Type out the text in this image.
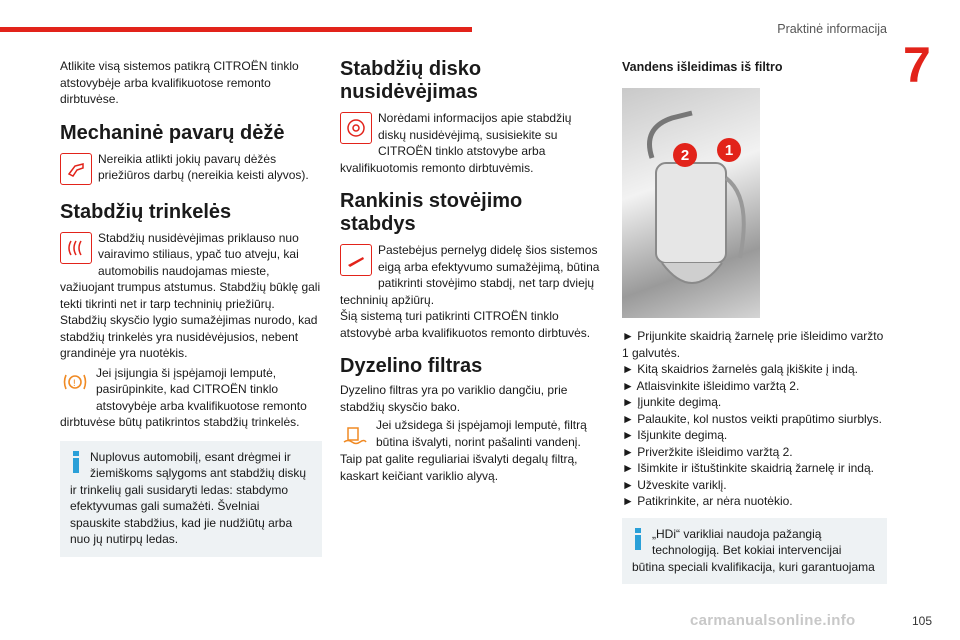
Praktinė informacija
7

Atlikite visą sistemos patikrą CITROËN tinklo atstovybėje arba kvalifikuotose remonto dirbtuvėse.

Mechaninė pavarų dėžė

Nereikia atlikti jokių pavarų dėžės priežiūros darbų (nereikia keisti alyvos).

Stabdžių trinkelės

Stabdžių nusidėvėjimas priklauso nuo vairavimo stiliaus, ypač tuo atveju, kai automobilis naudojamas mieste, važiuojant trumpus atstumus. Stabdžių būklę gali tekti tikrinti net ir tarp techninių priežiūrų.

Stabdžių skysčio lygio sumažėjimas nurodo, kad stabdžių trinkelės yra nusidėvėjusios, nebent grandinėje yra nuotėkis.

!

Jei įsijungia ši įspėjamoji lemputė, pasirūpinkite, kad CITROËN tinklo atstovybėje arba kvalifikuotose remonto dirbtuvėse būtų patikrintos stabdžių trinkelės.

Nuplovus automobilį, esant drėgmei ir žiemiškoms sąlygoms ant stabdžių diskų ir trinkelių gali susidaryti ledas: stabdymo efektyvumas gali sumažėti. Švelniai spauskite stabdžius, kad jie nudžiūtų arba nuo jų nutirpų ledas.

Stabdžių disko nusidėvėjimas

Norėdami informacijos apie stabdžių diskų nusidėvėjimą, susisiekite su CITROËN tinklo atstovybe arba kvalifikuotomis remonto dirbtuvėmis.

Rankinis stovėjimo stabdys

Pastebėjus pernelyg didelę šios sistemos eigą arba efektyvumo sumažėjimą, būtina patikrinti stovėjimo stabdį, net tarp dviejų techninių apžiūrų.

Šią sistemą turi patikrinti CITROËN tinklo atstovybė arba kvalifikuotos remonto dirbtuvės.

Dyzelino filtras

Dyzelino filtras yra po variklio dangčiu, prie stabdžių skysčio bako.

Jei užsidega ši įspėjamoji lemputė, filtrą būtina išvalyti, norint pašalinti vandenį.

Taip pat galite reguliariai išvalyti degalų filtrą, kaskart keičiant variklio alyvą.

Vandens išleidimas iš filtro
2	1

► Prijunkite skaidrią žarnelę prie išleidimo varžto 1 galvutės.

► Kitą skaidrios žarnelės galą įkiškite į indą.

► Atlaisvinkite išleidimo varžtą 2.

► Įjunkite degimą.

► Palaukite, kol nustos veikti prapūtimo siurblys.

► Išjunkite degimą.

► Priveržkite išleidimo varžtą 2.

► Išimkite ir ištuštinkite skaidrią žarnelę ir indą.

► Užveskite variklį.

► Patikrinkite, ar nėra nuotėkio.

„HDi“ varikliai naudoja pažangią technologiją. Bet kokiai intervencijai būtina speciali kvalifikacija, kuri garantuojama

carmanualsonline.info	105
